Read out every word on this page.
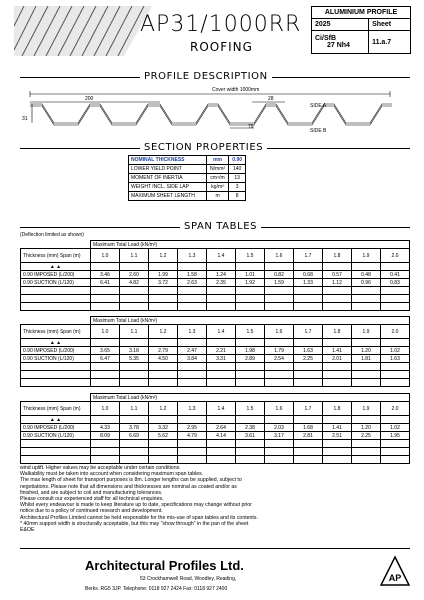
AP31/1000RR
ROOFING
ALUMINIUM PROFILE
2025	Sheet
Ci/SfB
27 Nh4	11.a.7
PROFILE DESCRIPTION
Cover width 1000mm
200	28
31
79
SIDE A
SIDE B
SECTION PROPERTIES
NOMINAL THICKNESS	mm	0.90
LOWER YIELD POINT	N/mm²	140
MOMENT OF INERTIA	cm⁴/m	13
WEIGHT INCL. SIDE LAP	kg/m²	3
MAXIMUM SHEET LENGTH	m	8
SPAN TABLES
(Deflection limited as shown)
	Maximum Total Load (kN/m²)										
Thickness (mm) Span (m)	1.0	1.1	1.2	1.3	1.4	1.5	1.6	1.7	1.8	1.9	2.0
▲ ▲											
0.90 IMPOSED (L/200)	3.46	2.60	1.99	1.58	1.24	1.01	0.82	0.68	0.57	0.48	0.41
0.90 SUCTION (L/120)	6.41	4.82	3.72	2.63	2.35	1.92	1.59	1.33	1.12	0.96	0.83

	Maximum Total Load (kN/m²)										
Thickness (mm) Span (m)	1.0	1.1	1.2	1.3	1.4	1.5	1.6	1.7	1.8	1.9	2.0
▲ ▲											
0.90 IMPOSED (L/200)	3.65	3.18	2.79	2.47	2.21	1.98	1.79	1.63	1.41	1.20	1.02
0.90 SUCTION (L/120)	6.47	5.35	4.50	3.84	3.31	2.89	2.54	2.25	2.01	1.81	1.63

	Maximum Total Load (kN/m²)										
Thickness (mm) Span (m)	1.0	1.1	1.2	1.3	1.4	1.5	1.6	1.7	1.8	1.9	2.0
▲ ▲											
0.90 IMPOSED (L/200)	4.33	3.78	3.32	2.95	2.64	2.38	2.03	1.68	1.41	1.20	1.02
0.90 SUCTION (L/120)	8.09	6.69	5.62	4.79	4.14	3.61	3.17	2.81	2.51	2.25	1.95

wind uplift. Higher values may be acceptable under certain conditions.
Walkability must be taken into account when considering maximum span tables.
The max length of sheet for transport purposes is 8m. Longer lengths can be supplied, subject to
negotiations. Please note that all dimensions and thicknesses are nominal as coated and/or as
finished, and are subject to coil and manufacturing tolerances.
Please consult our experienced staff for all technical enquiries.
Whilst every endeavour is made to keep literature up to date, specifications may change without prior
notice due to a policy of continued research and development.
Architectural Profiles Limited cannot be held responsible for the mis-use of span tables and its contents.
* 40mm support width is structurally acceptable, but this may "show through" in the pan of the sheet
E&OE
Architectural Profiles Ltd.
53 Crockhamwell Road, Woodley, Reading,
Berks. RG5 3JP. Telephone: 0118 927 2424 Fax: 0118 927 2400
AP
